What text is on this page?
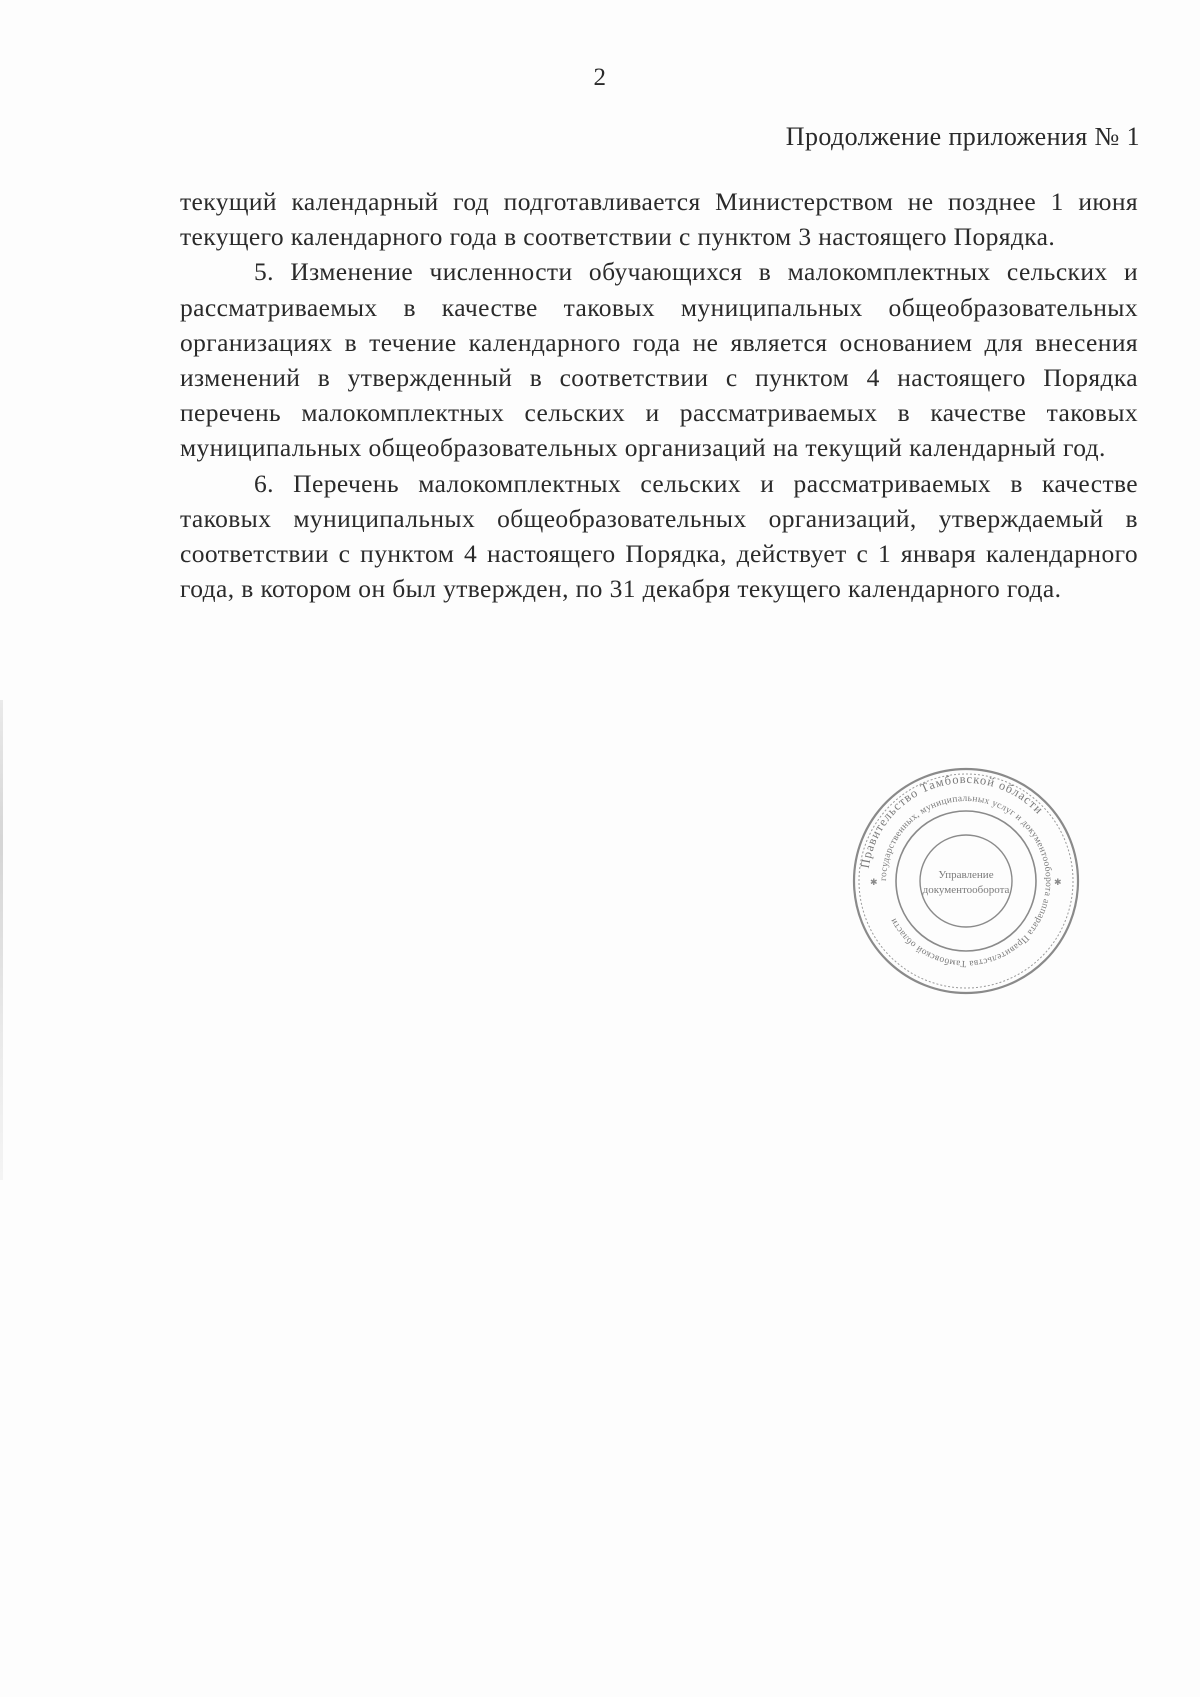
2
Продолжение приложения № 1

текущий календарный год подготавливается Министерством не позднее 1 июня текущего календарного года в соответствии с пунктом 3 настоящего Порядка.

5. Изменение численности обучающихся в малокомплектных сельских и рассматриваемых в качестве таковых муниципальных общеобразовательных организациях в течение календарного года не является основанием для внесения изменений в утвержденный в соответствии с пунктом 4 настоящего Порядка перечень малокомплектных сельских и рассматриваемых в качестве таковых муниципальных общеобразовательных организаций на текущий календарный год.

6. Перечень малокомплектных сельских и рассматриваемых в качестве таковых муниципальных общеобразовательных организаций, утверждаемый в соответствии с пунктом 4 настоящего Порядка, действует с 1 января календарного года, в котором он был утвержден, по 31 декабря текущего календарного года.

Правительство Тамбовской области
государственных, муниципальных услуг и документооборота аппарата Правительства Тамбовской области
Управление
документооборота
✱	✱
